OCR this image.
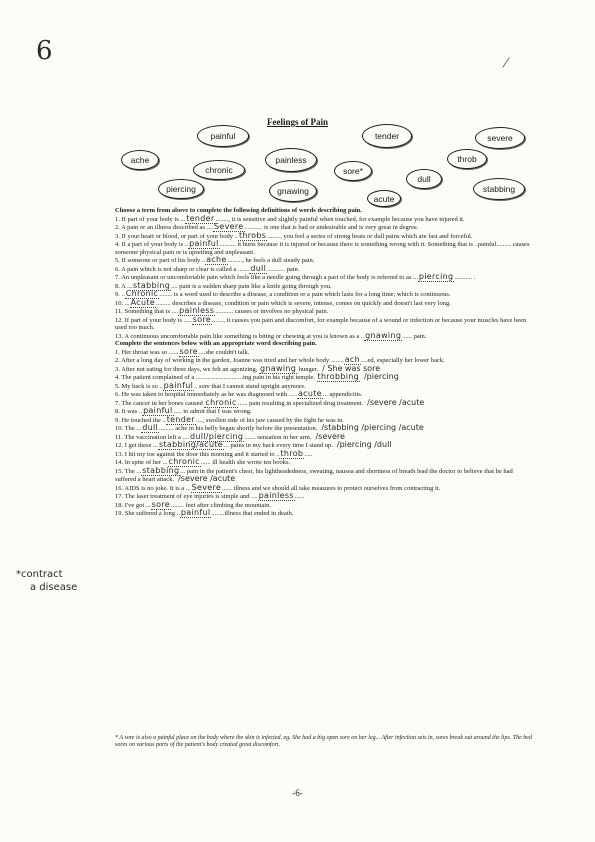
6
*contract
a disease
Feelings of Pain
painful	tender	severe
ache
chronic
painless	throb
sore*
dull
piercing	gnawing
acute
stabbing

Choose a term from above to complete the following definitions of words describing pain.

1. If part of your body is ...tender........, it is sensitive and slightly painful when touched, for example because you have injured it.

2. A pain or an illness described as ....Severe........... is one that is bad or undesirable and is very great in degree.

3. If your heart or blood, or part of your body ..throbs........, you feel a series of strong beats or dull pains which are fast and forceful.

4. If a part of your body is ..painful.......... it hurts because it is injured or because there is something wrong with it. Something that is ..painful......... causes someone physical pain or is upsetting and unpleasant.

5. If someone or part of his body ..ache........., he feels a dull steady pain.

6. A pain which is not sharp or clear is called a .......dull........... pain.

7. An unpleasant or uncomfortable pain which feels like a needle going through a part of the body is referred to as ...piercing........... .

8. A ...stabbing.... pain is a sudden sharp pain like a knife going through you.

9. ..Chronic........ is a word used to describe a disease, a condition or a pain which lasts for a long time; which is continuous.

10. ...Acute......... describes a disease, condition or pain which is severe, intense, comes on quickly and doesn't last very long.

11. Something that is ....painless........... causes or involves no physical pain.

12. If part of your body is .....sore......., it causes you pain and discomfort, for example because of a wound or infection or because your muscles have been used too much.

13. A continuous uncomfortable pain like something is biting or chewing at you is known as a ..gnawing...... pain.

Complete the sentences below with an appropriate word describing pain.

1. Her throat was so ......sore....she couldn't talk.

2. After a long day of working in the garden, Joanne was tired and her whole body ........ach....ed, especially her lower back.

3. After not eating for three days, we felt an agonizing, gnawing hunger. / She was sore

4. The patient complained of a .............................ing pain in his right temple. throbbing /piercing

5. My back is so ..painful.. sore that I cannot stand upright anymore.

6. He was taken to hospital immediately as he was diagnosed with .....acute... appendicitis.

7. The cancer in her bones caused chronic...... pain resulting in specialized drug treatment. /severe /acute

8. It was ..painful..... to admit that I was wrong.

9. He touched the ..tender...., swollen side of his jaw caused by the fight he was in.

10. The ...dull......... ache in his belly began shortly before the presentation. /stabbing /piercing /acute

11. The vaccination left a ....dull/piercing....... sensation in her arm. /severe

12. I get these ...stabbing/acute... pains in my back every time I stand up. /piercing /dull

13. I hit my toe against the door this morning and it started to ..throb.....

14. In spite of her ...chronic...... ill health she wrote ten books.

15. The ...stabbing... pain in the patient's chest, his lightheadedness, sweating, nausea and shortness of breath lead the doctor to believe that he had suffered a heart attack. /severe /acute

16. AIDS is no joke. It is a ...Severe...... illness and we should all take measures to protect ourselves from contracting it.

17. The laser treatment of eye injuries is simple and ....painless......

18. I've got ...sore........ feet after climbing the mountain.

19. She suffered a long ..painful........illness that ended in death.

* A sore is also a painful place on the body where the skin is infected. eg. She had a big open sore on her leg... After infection sets in, sores break out around the lips. The bed sores on various parts of the patient's body created great discomfort.
-6-
